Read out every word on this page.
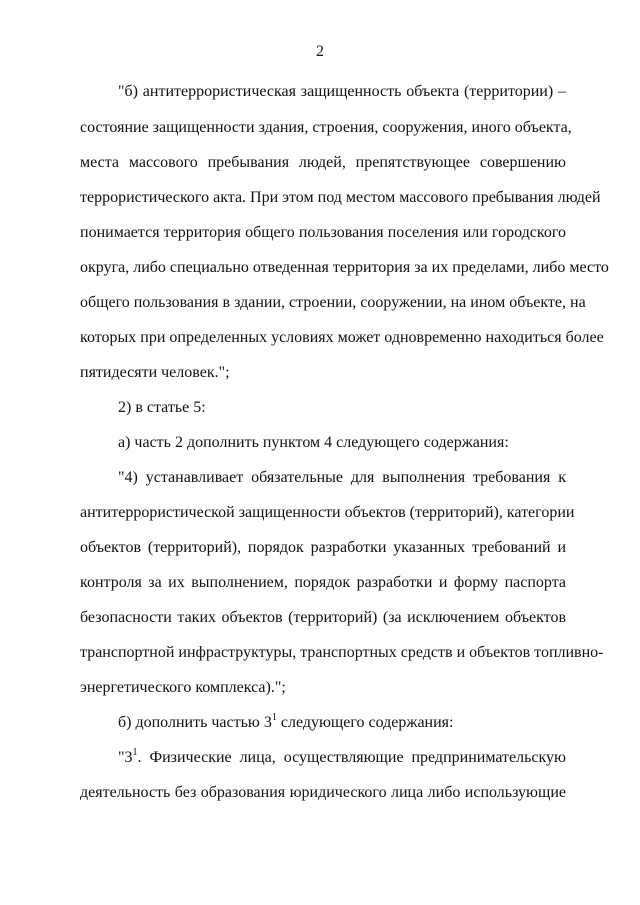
2
"б) антитеррористическая защищенность объекта (территории) –
состояние защищенности здания, строения, сооружения, иного объекта,
места массового пребывания людей, препятствующее совершению
террористического акта. При этом под местом массового пребывания людей
понимается территория общего пользования поселения или городского
округа, либо специально отведенная территория за их пределами, либо место
общего пользования в здании, строении, сооружении, на ином объекте, на
которых при определенных условиях может одновременно находиться более
пятидесяти человек.";
2) в статье 5:
а) часть 2 дополнить пунктом 4 следующего содержания:
"4) устанавливает обязательные для выполнения требования к
антитеррористической защищенности объектов (территорий), категории
объектов (территорий), порядок разработки указанных требований и
контроля за их выполнением, порядок разработки и форму паспорта
безопасности таких объектов (территорий) (за исключением объектов
транспортной инфраструктуры, транспортных средств и объектов топливно-
энергетического комплекса).";
б) дополнить частью $3^1$ следующего содержания:
"$3^1$ . Физические лица, осуществляющие предпринимательскую
деятельность без образования юридического лица либо использующие
